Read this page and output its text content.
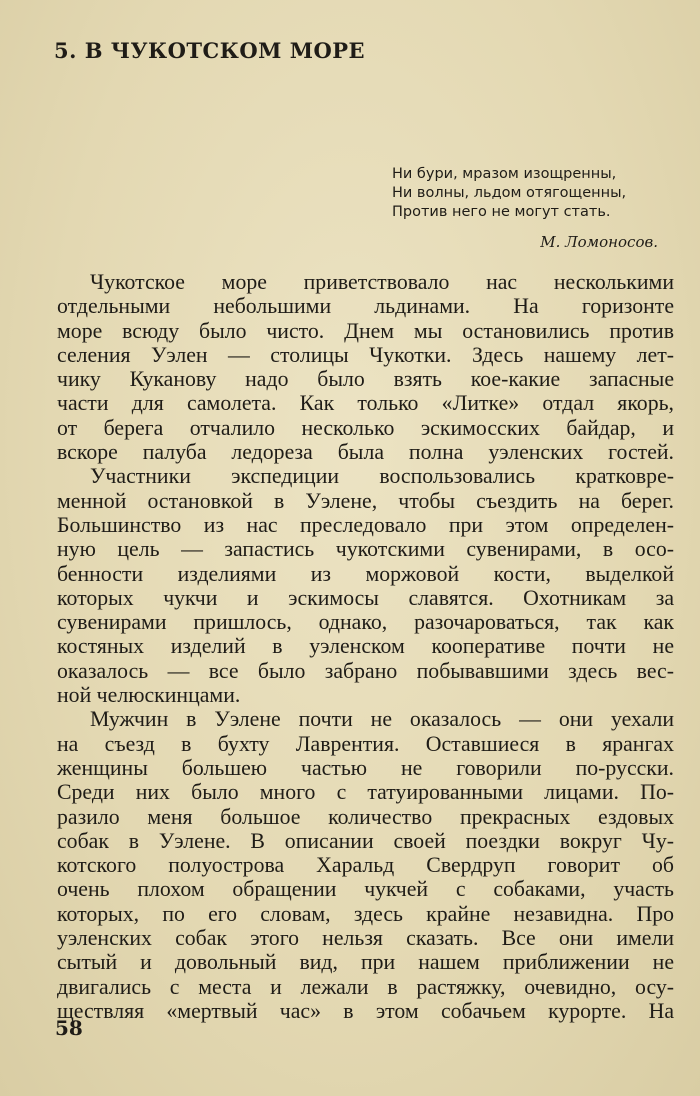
5. В ЧУКОТСКОМ МОРЕ
Ни бури, мразом изощренны,
Ни волны, льдом отягощенны,
Против него не могут стать.
М. Ломоносов.
Чукотское море приветствовало нас несколькими
отдельными небольшими льдинами. На горизонте
море всюду было чисто. Днем мы остановились против
селения Уэлен — столицы Чукотки. Здесь нашему лет-
чику Куканову надо было взять кое-какие запасные
части для самолета. Как только «Литке» отдал якорь,
от берега отчалило несколько эскимосских байдар, и
вскоре палуба ледореза была полна уэленских гостей.
Участники экспедиции воспользовались кратковре-
менной остановкой в Уэлене, чтобы съездить на берег.
Большинство из нас преследовало при этом определен-
ную цель — запастись чукотскими сувенирами, в осо-
бенности изделиями из моржовой кости, выделкой
которых чукчи и эскимосы славятся. Охотникам за
сувенирами пришлось, однако, разочароваться, так как
костяных изделий в уэленском кооперативе почти не
оказалось — все было забрано побывавшими здесь вес-
ной челюскинцами.
Мужчин в Уэлене почти не оказалось — они уехали
на съезд в бухту Лаврентия. Оставшиеся в ярангах
женщины большею частью не говорили по-русски.
Среди них было много с татуированными лицами. По-
разило меня большое количество прекрасных ездовых
собак в Уэлене. В описании своей поездки вокруг Чу-
котского полуострова Харальд Свердруп говорит об
очень плохом обращении чукчей с собаками, участь
которых, по его словам, здесь крайне незавидна. Про
уэленских собак этого нельзя сказать. Все они имели
сытый и довольный вид, при нашем приближении не
двигались с места и лежали в растяжку, очевидно, осу-
ществляя «мертвый час» в этом собачьем курорте. На
58
